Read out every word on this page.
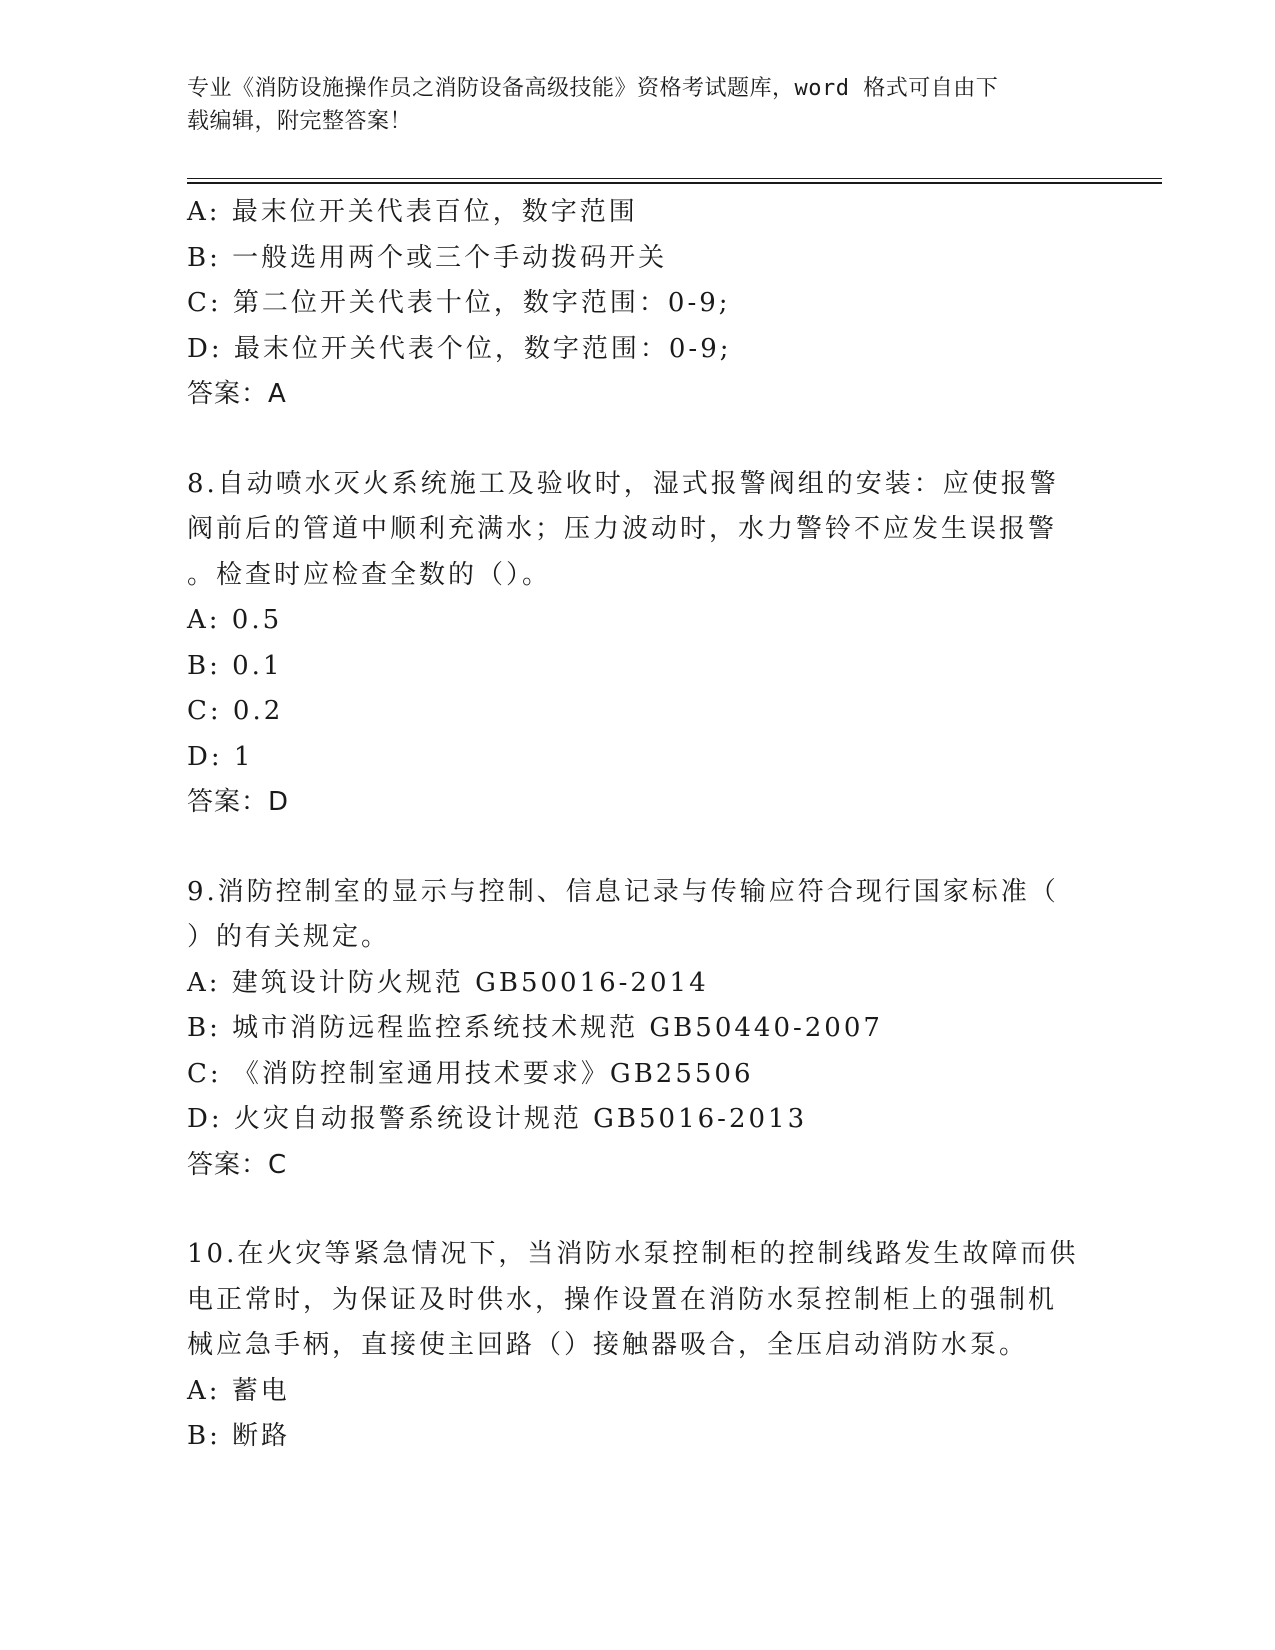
专业《消防设施操作员之消防设备高级技能》资格考试题库，word 格式可自由下
载编辑，附完整答案！
A: 最末位开关代表百位，数字范围
B: 一般选用两个或三个手动拨码开关
C: 第二位开关代表十位，数字范围：0-9;
D: 最末位开关代表个位，数字范围：0-9;
答案：A
8.自动喷水灭火系统施工及验收时，湿式报警阀组的安装：应使报警
阀前后的管道中顺利充满水；压力波动时，水力警铃不应发生误报警
。检查时应检查全数的（）。
A: 0.5
B: 0.1
C: 0.2
D: 1
答案：D
9.消防控制室的显示与控制、信息记录与传输应符合现行国家标准（
）的有关规定。
A: 建筑设计防火规范 GB50016-2014
B: 城市消防远程监控系统技术规范 GB50440-2007
C: 《消防控制室通用技术要求》GB25506
D: 火灾自动报警系统设计规范 GB5016-2013
答案：C
10.在火灾等紧急情况下，当消防水泵控制柜的控制线路发生故障而供
电正常时，为保证及时供水，操作设置在消防水泵控制柜上的强制机
械应急手柄，直接使主回路（）接触器吸合，全压启动消防水泵。
A: 蓄电
B: 断路
